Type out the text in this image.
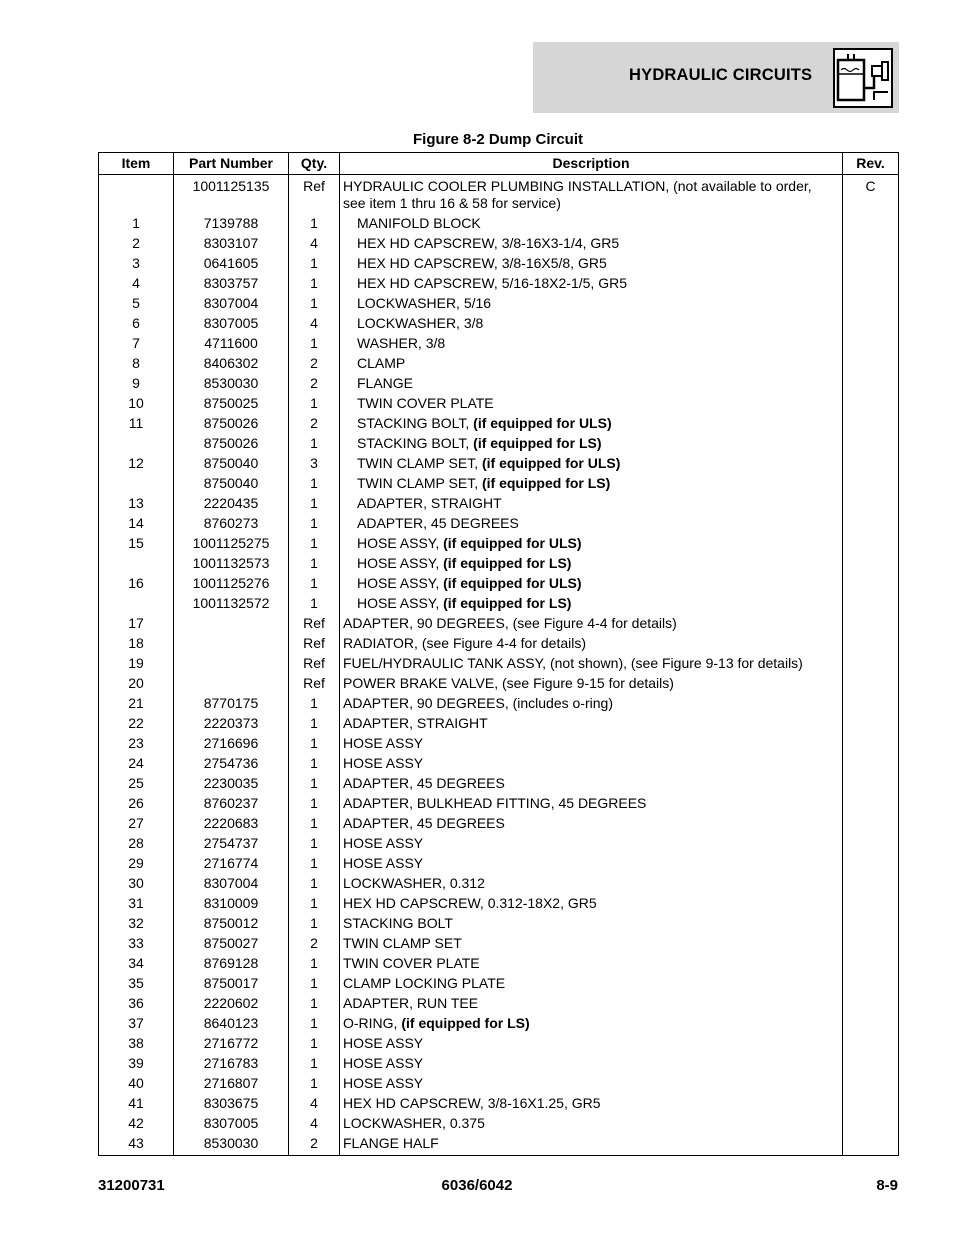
HYDRAULIC CIRCUITS
Figure 8-2 Dump Circuit
Item	Part Number	Qty.	Description	Rev.
	1001125135	Ref	HYDRAULIC COOLER PLUMBING INSTALLATION, (not available to order, see item 1 thru 16 & 58 for service)	C
1	7139788	1	MANIFOLD BLOCK	
2	8303107	4	HEX HD CAPSCREW, 3/8-16X3-1/4, GR5	
3	0641605	1	HEX HD CAPSCREW, 3/8-16X5/8, GR5	
4	8303757	1	HEX HD CAPSCREW, 5/16-18X2-1/5, GR5	
5	8307004	1	LOCKWASHER, 5/16	
6	8307005	4	LOCKWASHER, 3/8	
7	4711600	1	WASHER, 3/8	
8	8406302	2	CLAMP	
9	8530030	2	FLANGE	
10	8750025	1	TWIN COVER PLATE	
11	8750026	2	STACKING BOLT, (if equipped for ULS)	
	8750026	1	STACKING BOLT, (if equipped for LS)	
12	8750040	3	TWIN CLAMP SET, (if equipped for ULS)	
	8750040	1	TWIN CLAMP SET, (if equipped for LS)	
13	2220435	1	ADAPTER, STRAIGHT	
14	8760273	1	ADAPTER, 45 DEGREES	
15	1001125275	1	HOSE ASSY, (if equipped for ULS)	
	1001132573	1	HOSE ASSY, (if equipped for LS)	
16	1001125276	1	HOSE ASSY, (if equipped for ULS)	
	1001132572	1	HOSE ASSY, (if equipped for LS)	
17		Ref	ADAPTER, 90 DEGREES, (see Figure 4-4 for details)	
18		Ref	RADIATOR, (see Figure 4-4 for details)	
19		Ref	FUEL/HYDRAULIC TANK ASSY, (not shown), (see Figure 9-13 for details)	
20		Ref	POWER BRAKE VALVE, (see Figure 9-15 for details)	
21	8770175	1	ADAPTER, 90 DEGREES, (includes o-ring)	
22	2220373	1	ADAPTER, STRAIGHT	
23	2716696	1	HOSE ASSY	
24	2754736	1	HOSE ASSY	
25	2230035	1	ADAPTER, 45 DEGREES	
26	8760237	1	ADAPTER, BULKHEAD FITTING, 45 DEGREES	
27	2220683	1	ADAPTER, 45 DEGREES	
28	2754737	1	HOSE ASSY	
29	2716774	1	HOSE ASSY	
30	8307004	1	LOCKWASHER, 0.312	
31	8310009	1	HEX HD CAPSCREW, 0.312-18X2, GR5	
32	8750012	1	STACKING BOLT	
33	8750027	2	TWIN CLAMP SET	
34	8769128	1	TWIN COVER PLATE	
35	8750017	1	CLAMP LOCKING PLATE	
36	2220602	1	ADAPTER, RUN TEE	
37	8640123	1	O-RING, (if equipped for LS)	
38	2716772	1	HOSE ASSY	
39	2716783	1	HOSE ASSY	
40	2716807	1	HOSE ASSY	
41	8303675	4	HEX HD CAPSCREW, 3/8-16X1.25, GR5	
42	8307005	4	LOCKWASHER, 0.375	
43	8530030	2	FLANGE HALF	
31200731	6036/6042	8-9
